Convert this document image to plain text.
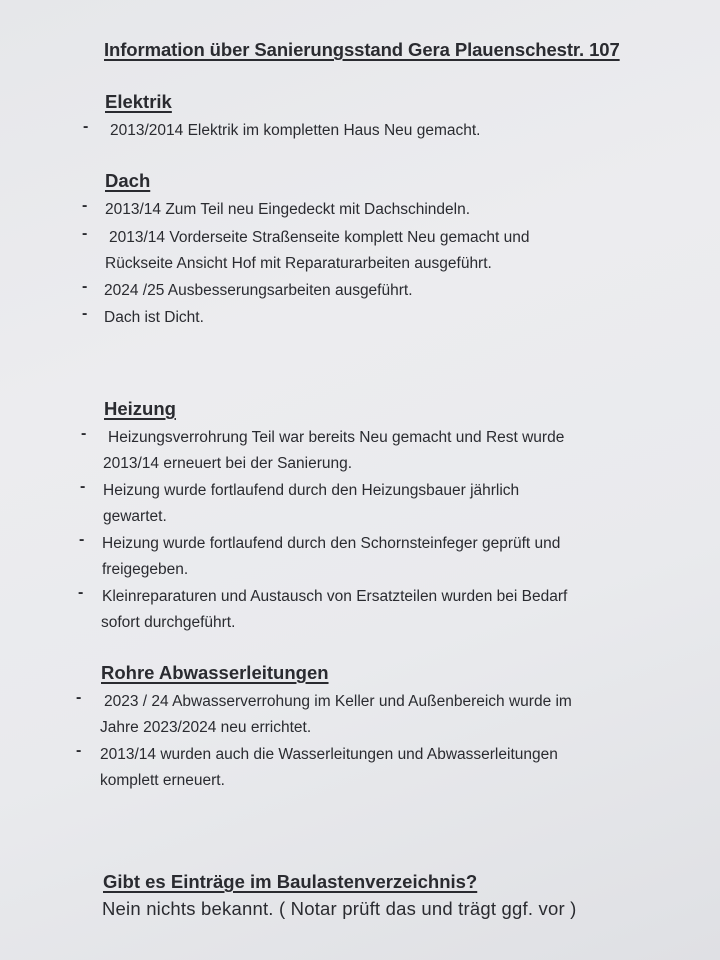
Information über Sanierungsstand Gera Plauenschestr. 107
Elektrik
- 2013/2014 Elektrik im kompletten Haus Neu gemacht.
Dach
- 2013/14 Zum Teil neu Eingedeckt mit Dachschindeln.
- 2013/14 Vorderseite Straßenseite komplett Neu gemacht und
Rückseite Ansicht Hof mit Reparaturarbeiten ausgeführt.
- 2024 /25 Ausbesserungsarbeiten ausgeführt.
- Dach ist Dicht.
Heizung
- Heizungsverrohrung Teil war bereits Neu gemacht und Rest wurde
2013/14 erneuert bei der Sanierung.
- Heizung wurde fortlaufend durch den Heizungsbauer jährlich
gewartet.
- Heizung wurde fortlaufend durch den Schornsteinfeger geprüft und
freigegeben.
- Kleinreparaturen und Austausch von Ersatzteilen wurden bei Bedarf
sofort durchgeführt.
Rohre Abwasserleitungen
- 2023 / 24 Abwasserverrohung im Keller und Außenbereich wurde im
Jahre 2023/2024 neu errichtet.
- 2013/14 wurden auch die Wasserleitungen und Abwasserleitungen
komplett erneuert.
Gibt es Einträge im Baulastenverzeichnis?
Nein nichts bekannt. ( Notar prüft das und trägt ggf. vor )
